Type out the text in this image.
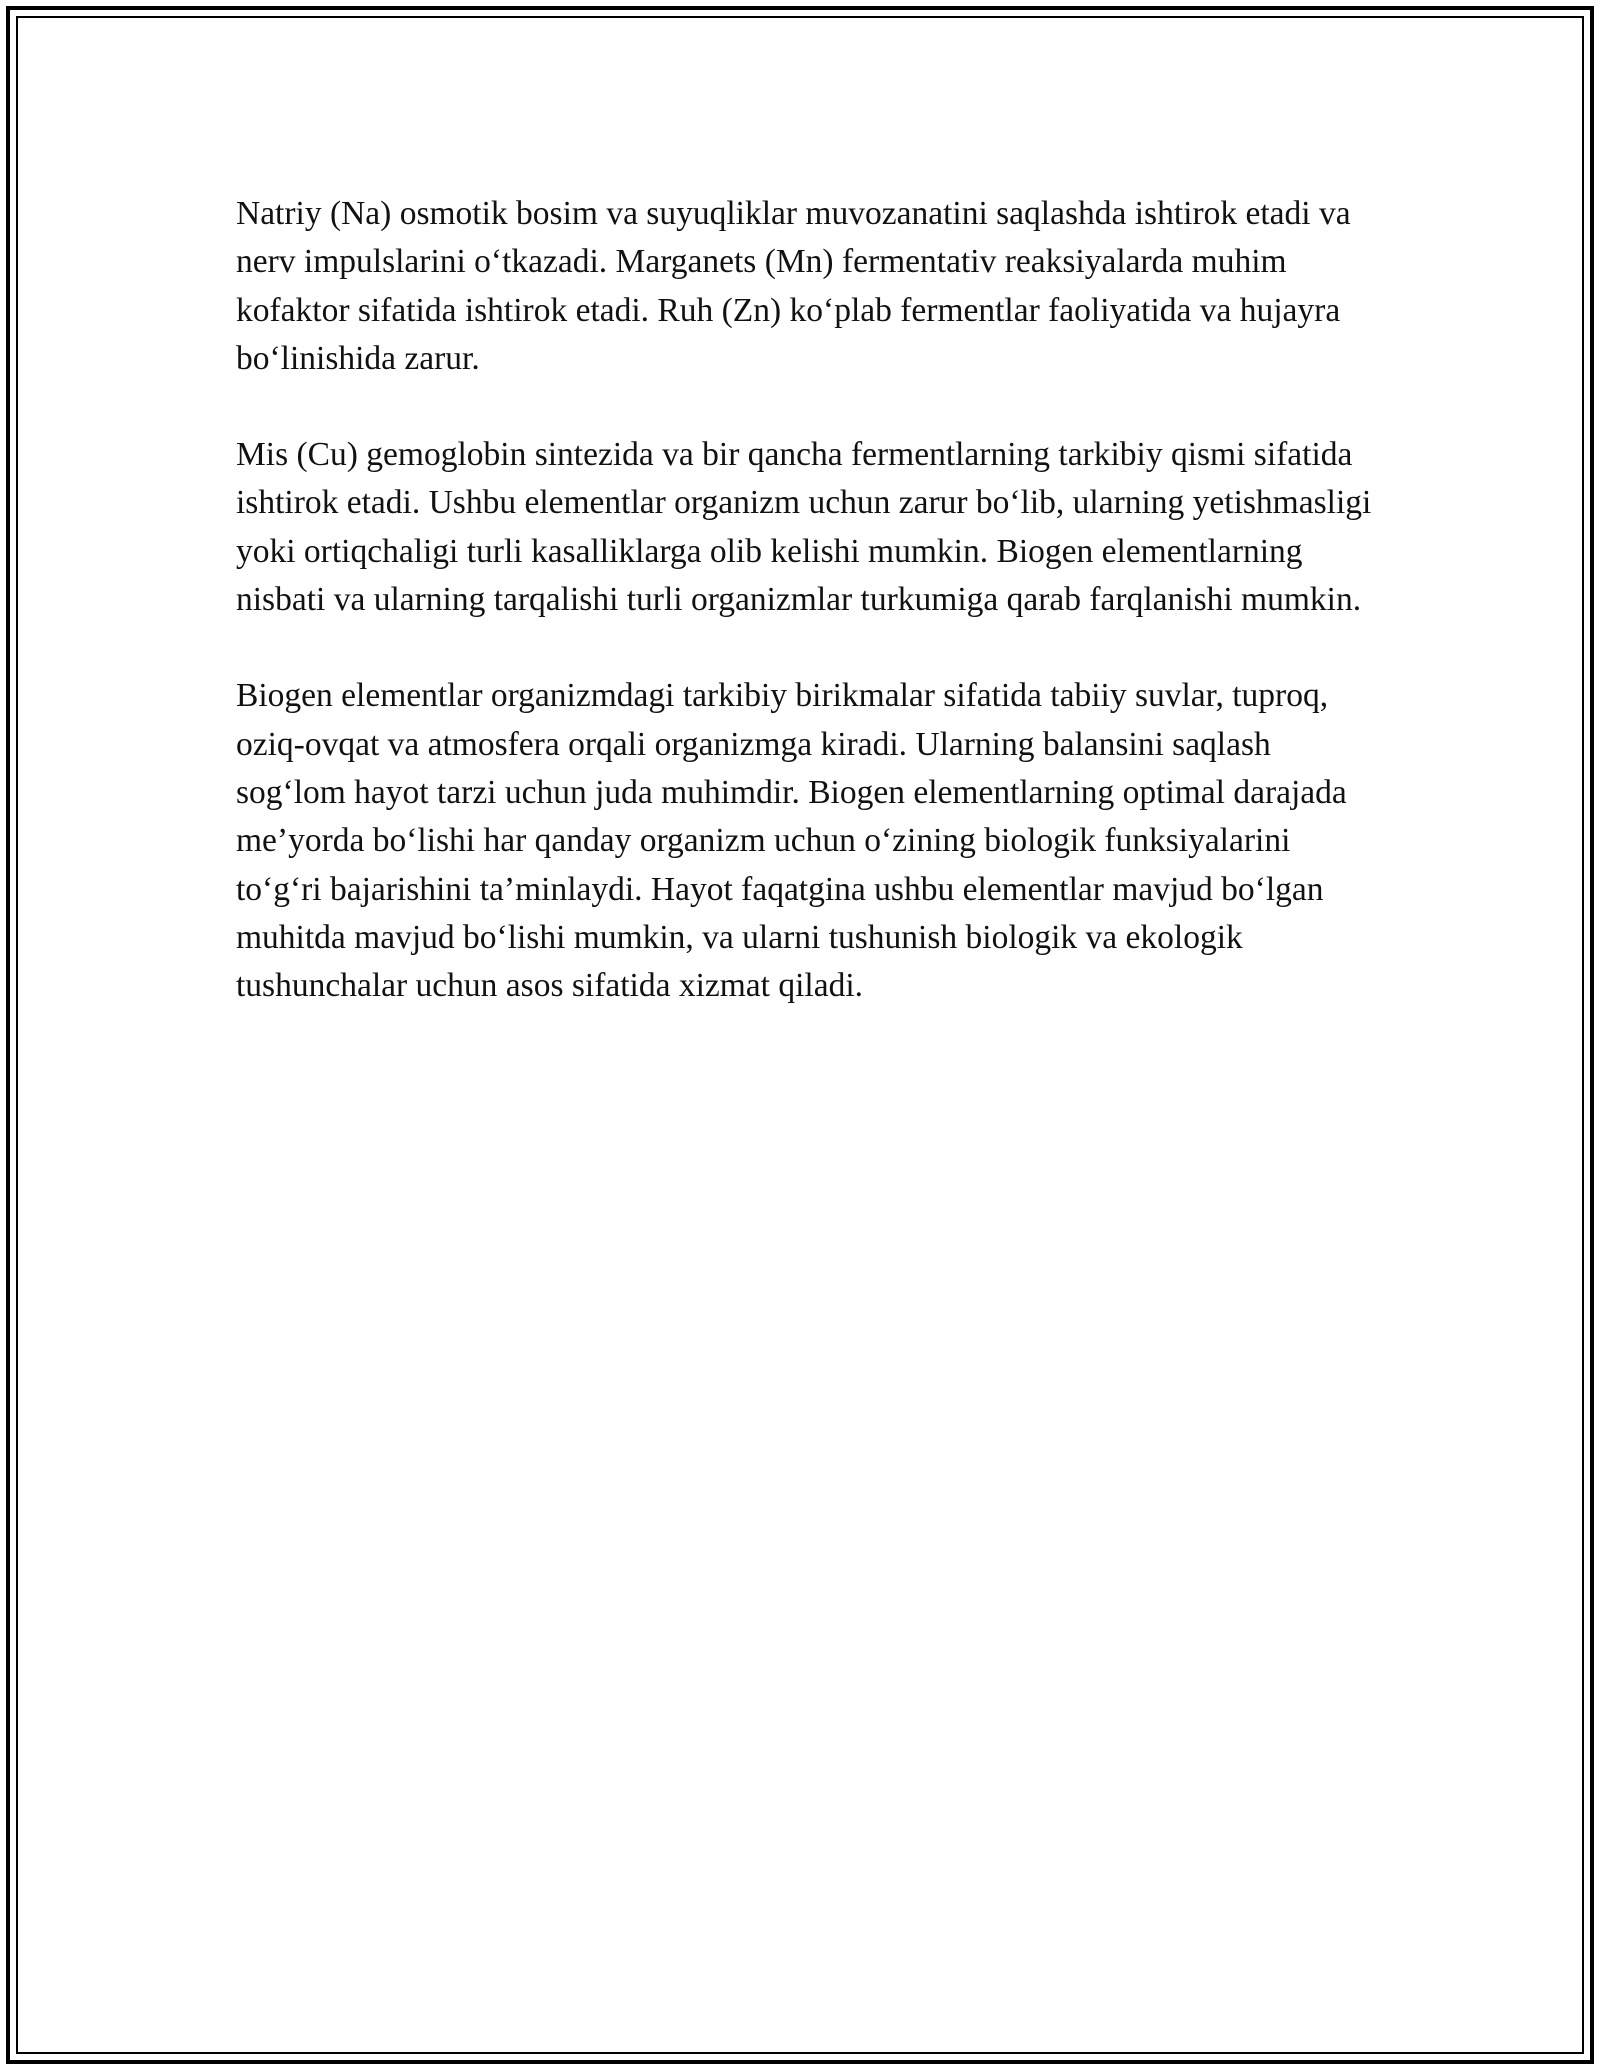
Natriy (Na) osmotik bosim va suyuqliklar muvozanatini saqlashda ishtirok etadi va nerv impulslarini o‘tkazadi. Marganets (Mn) fermentativ reaksiyalarda muhim kofaktor sifatida ishtirok etadi. Ruh (Zn) ko‘plab fermentlar faoliyatida va hujayra bo‘linishida zarur.

Mis (Cu) gemoglobin sintezida va bir qancha fermentlarning tarkibiy qismi sifatida ishtirok etadi. Ushbu elementlar organizm uchun zarur bo‘lib, ularning yetishmasligi yoki ortiqchaligi turli kasalliklarga olib kelishi mumkin. Biogen elementlarning nisbati va ularning tarqalishi turli organizmlar turkumiga qarab farqlanishi mumkin.

Biogen elementlar organizmdagi tarkibiy birikmalar sifatida tabiiy suvlar, tuproq, oziq-ovqat va atmosfera orqali organizmga kiradi. Ularning balansini saqlash sog‘lom hayot tarzi uchun juda muhimdir. Biogen elementlarning optimal darajada me’yorda bo‘lishi har qanday organizm uchun o‘zining biologik funksiyalarini to‘g‘ri bajarishini ta’minlaydi. Hayot faqatgina ushbu elementlar mavjud bo‘lgan muhitda mavjud bo‘lishi mumkin, va ularni tushunish biologik va ekologik tushunchalar uchun asos sifatida xizmat qiladi.
